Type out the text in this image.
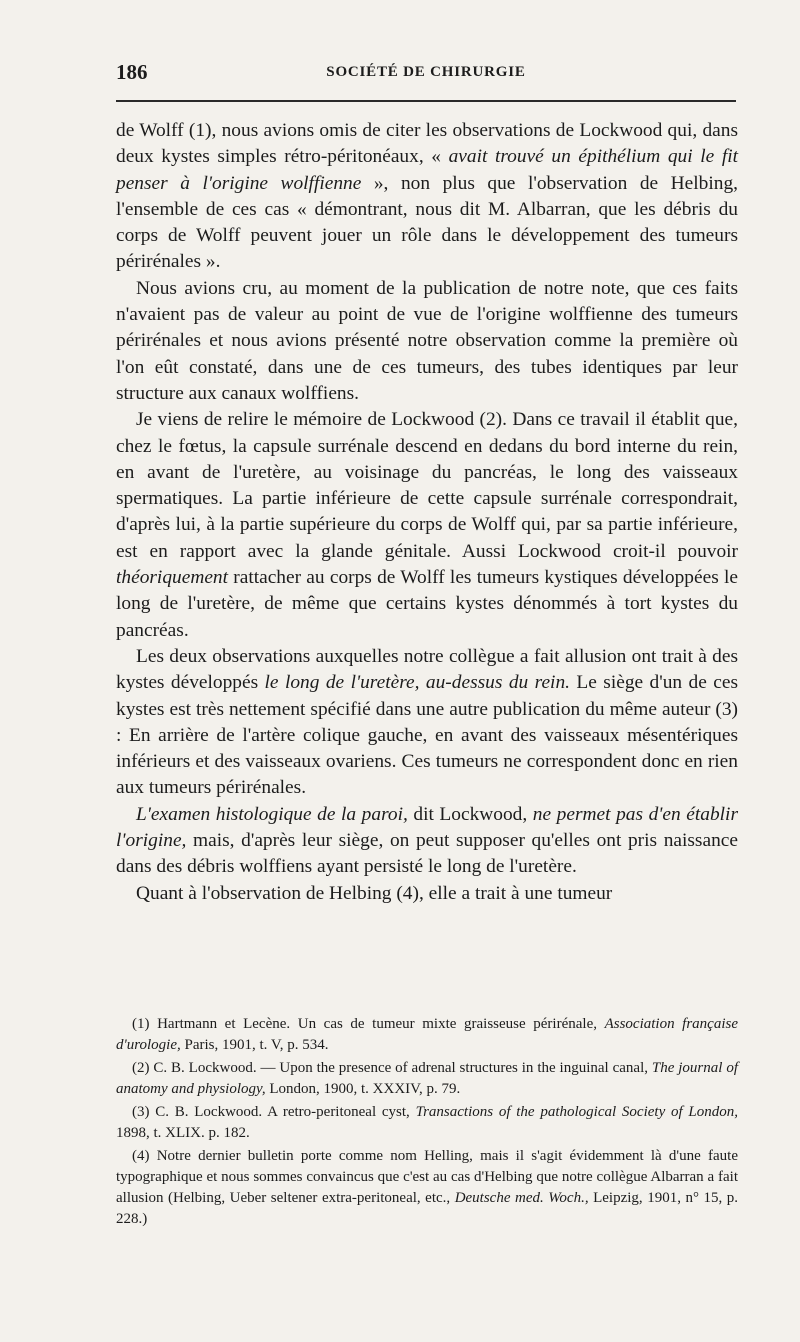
186	SOCIÉTÉ DE CHIRURGIE

de Wolff (1), nous avions omis de citer les observations de Lockwood qui, dans deux kystes simples rétro-péritonéaux, « avait trouvé un épithélium qui le fit penser à l'origine wolffienne », non plus que l'observation de Helbing, l'ensemble de ces cas « démontrant, nous dit M. Albarran, que les débris du corps de Wolff peuvent jouer un rôle dans le développement des tumeurs périrénales ».

Nous avions cru, au moment de la publication de notre note, que ces faits n'avaient pas de valeur au point de vue de l'origine wolffienne des tumeurs périrénales et nous avions présenté notre observation comme la première où l'on eût constaté, dans une de ces tumeurs, des tubes identiques par leur structure aux canaux wolffiens.

Je viens de relire le mémoire de Lockwood (2). Dans ce travail il établit que, chez le fœtus, la capsule surrénale descend en dedans du bord interne du rein, en avant de l'uretère, au voisinage du pancréas, le long des vaisseaux spermatiques. La partie inférieure de cette capsule surrénale correspondrait, d'après lui, à la partie supérieure du corps de Wolff qui, par sa partie inférieure, est en rapport avec la glande génitale. Aussi Lockwood croit-il pouvoir théoriquement rattacher au corps de Wolff les tumeurs kystiques développées le long de l'uretère, de même que certains kystes dénommés à tort kystes du pancréas.

Les deux observations auxquelles notre collègue a fait allusion ont trait à des kystes développés le long de l'uretère, au-dessus du rein. Le siège d'un de ces kystes est très nettement spécifié dans une autre publication du même auteur (3) : En arrière de l'artère colique gauche, en avant des vaisseaux mésentériques inférieurs et des vaisseaux ovariens. Ces tumeurs ne correspondent donc en rien aux tumeurs périrénales.

L'examen histologique de la paroi, dit Lockwood, ne permet pas d'en établir l'origine, mais, d'après leur siège, on peut supposer qu'elles ont pris naissance dans des débris wolffiens ayant persisté le long de l'uretère.

Quant à l'observation de Helbing (4), elle a trait à une tumeur

(1) Hartmann et Lecène. Un cas de tumeur mixte graisseuse périrénale, Association française d'urologie, Paris, 1901, t. V, p. 534.

(2) C. B. Lockwood. — Upon the presence of adrenal structures in the inguinal canal, The journal of anatomy and physiology, London, 1900, t. XXXIV, p. 79.

(3) C. B. Lockwood. A retro-peritoneal cyst, Transactions of the pathological Society of London, 1898, t. XLIX. p. 182.

(4) Notre dernier bulletin porte comme nom Helling, mais il s'agit évidemment là d'une faute typographique et nous sommes convaincus que c'est au cas d'Helbing que notre collègue Albarran a fait allusion (Helbing, Ueber seltener extra-peritoneal, etc., Deutsche med. Woch., Leipzig, 1901, n° 15, p. 228.)
